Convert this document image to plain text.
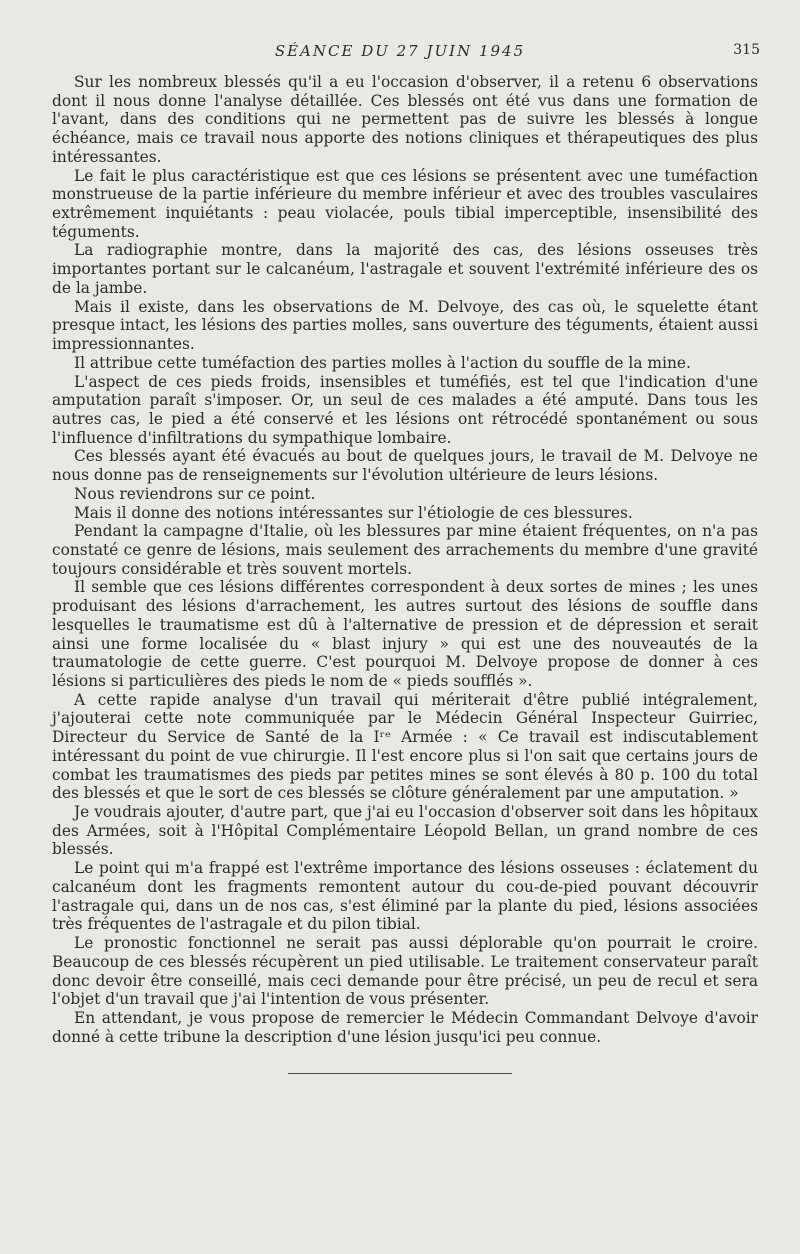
SÉANCE DU 27 JUIN 1945	315

Sur les nombreux blessés qu'il a eu l'occasion d'observer, il a retenu 6 observations dont il nous donne l'analyse détaillée. Ces blessés ont été vus dans une formation de l'avant, dans des conditions qui ne permettent pas de suivre les blessés à longue échéance, mais ce travail nous apporte des notions cliniques et thérapeutiques des plus intéressantes.

Le fait le plus caractéristique est que ces lésions se présentent avec une tuméfaction monstrueuse de la partie inférieure du membre inférieur et avec des troubles vasculaires extrêmement inquiétants : peau violacée, pouls tibial imperceptible, insensibilité des téguments.

La radiographie montre, dans la majorité des cas, des lésions osseuses très importantes portant sur le calcanéum, l'astragale et souvent l'extrémité inférieure des os de la jambe.

Mais il existe, dans les observations de M. Delvoye, des cas où, le squelette étant presque intact, les lésions des parties molles, sans ouverture des téguments, étaient aussi impressionnantes.

Il attribue cette tuméfaction des parties molles à l'action du souffle de la mine.

L'aspect de ces pieds froids, insensibles et tuméfiés, est tel que l'indication d'une amputation paraît s'imposer. Or, un seul de ces malades a été amputé. Dans tous les autres cas, le pied a été conservé et les lésions ont rétrocédé spontanément ou sous l'influence d'infiltrations du sympathique lombaire.

Ces blessés ayant été évacués au bout de quelques jours, le travail de M. Delvoye ne nous donne pas de renseignements sur l'évolution ultérieure de leurs lésions.

Nous reviendrons sur ce point.

Mais il donne des notions intéressantes sur l'étiologie de ces blessures.

Pendant la campagne d'Italie, où les blessures par mine étaient fréquentes, on n'a pas constaté ce genre de lésions, mais seulement des arrachements du membre d'une gravité toujours considérable et très souvent mortels.

Il semble que ces lésions différentes correspondent à deux sortes de mines ; les unes produisant des lésions d'arrachement, les autres surtout des lésions de souffle dans lesquelles le traumatisme est dû à l'alternative de pression et de dépression et serait ainsi une forme localisée du « blast injury » qui est une des nouveautés de la traumatologie de cette guerre. C'est pourquoi M. Delvoye propose de donner à ces lésions si particulières des pieds le nom de « pieds soufflés ».

A cette rapide analyse d'un travail qui mériterait d'être publié intégralement, j'ajouterai cette note communiquée par le Médecin Général Inspecteur Guirriec, Directeur du Service de Santé de la Iʳᵉ Armée : « Ce travail est indiscutablement intéressant du point de vue chirurgie. Il l'est encore plus si l'on sait que certains jours de combat les traumatismes des pieds par petites mines se sont élevés à 80 p. 100 du total des blessés et que le sort de ces blessés se clôture généralement par une amputation. »

Je voudrais ajouter, d'autre part, que j'ai eu l'occasion d'observer soit dans les hôpitaux des Armées, soit à l'Hôpital Complémentaire Léopold Bellan, un grand nombre de ces blessés.

Le point qui m'a frappé est l'extrême importance des lésions osseuses : éclatement du calcanéum dont les fragments remontent autour du cou-de-pied pouvant découvrir l'astragale qui, dans un de nos cas, s'est éliminé par la plante du pied, lésions associées très fréquentes de l'astragale et du pilon tibial.

Le pronostic fonctionnel ne serait pas aussi déplorable qu'on pourrait le croire. Beaucoup de ces blessés récupèrent un pied utilisable. Le traitement conservateur paraît donc devoir être conseillé, mais ceci demande pour être précisé, un peu de recul et sera l'objet d'un travail que j'ai l'intention de vous présenter.

En attendant, je vous propose de remercier le Médecin Commandant Delvoye d'avoir donné à cette tribune la description d'une lésion jusqu'ici peu connue.
